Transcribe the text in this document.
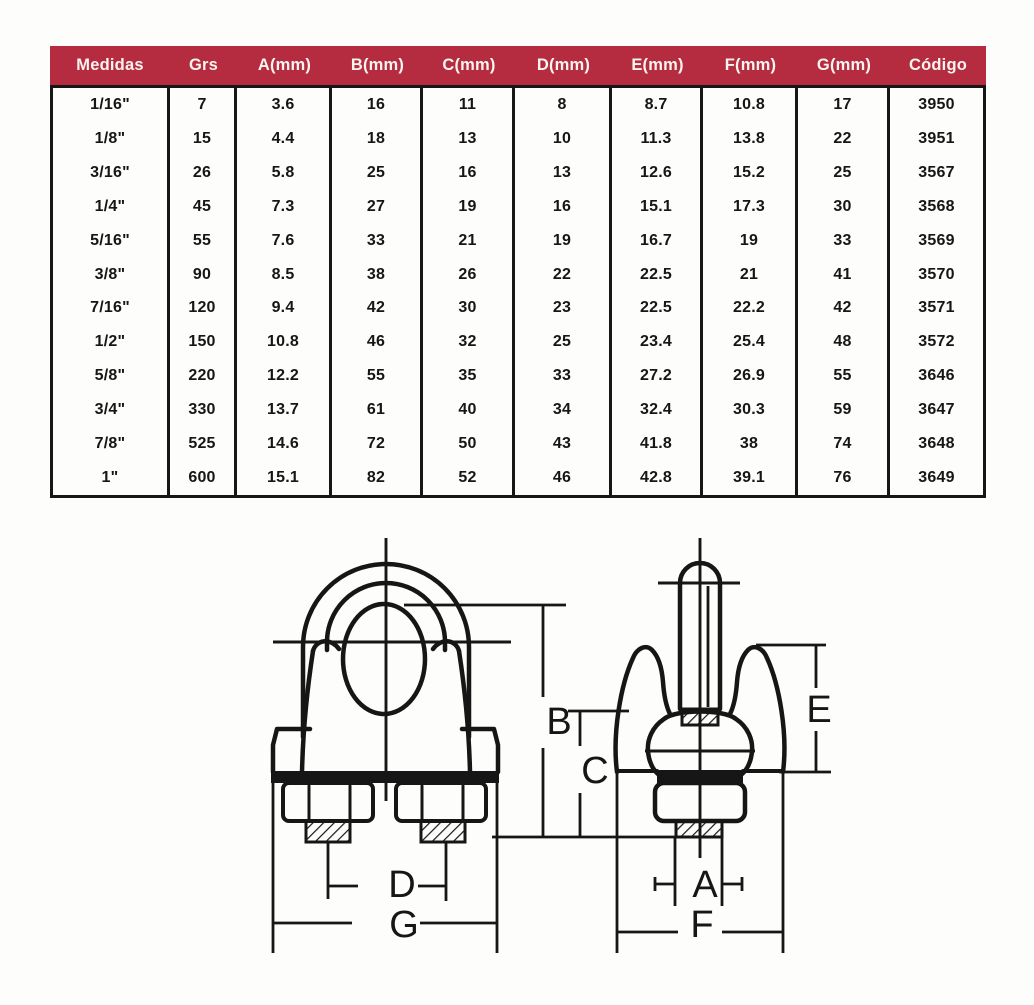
Medidas	Grs	A(mm)	B(mm)	C(mm)	D(mm)	E(mm)	F(mm)	G(mm)	Código
1/16"	7	3.6	16	11	8	8.7	10.8	17	3950
1/8"	15	4.4	18	13	10	11.3	13.8	22	3951
3/16"	26	5.8	25	16	13	12.6	15.2	25	3567
1/4"	45	7.3	27	19	16	15.1	17.3	30	3568
5/16"	55	7.6	33	21	19	16.7	19	33	3569
3/8"	90	8.5	38	26	22	22.5	21	41	3570
7/16"	120	9.4	42	30	23	22.5	22.2	42	3571
1/2"	150	10.8	46	32	25	23.4	25.4	48	3572
5/8"	220	12.2	55	35	33	27.2	26.9	55	3646
3/4"	330	13.7	61	40	34	32.4	30.3	59	3647
7/8"	525	14.6	72	50	43	41.8	38	74	3648
1"	600	15.1	82	52	46	42.8	39.1	76	3649
B
D
G
E
C
A
F
